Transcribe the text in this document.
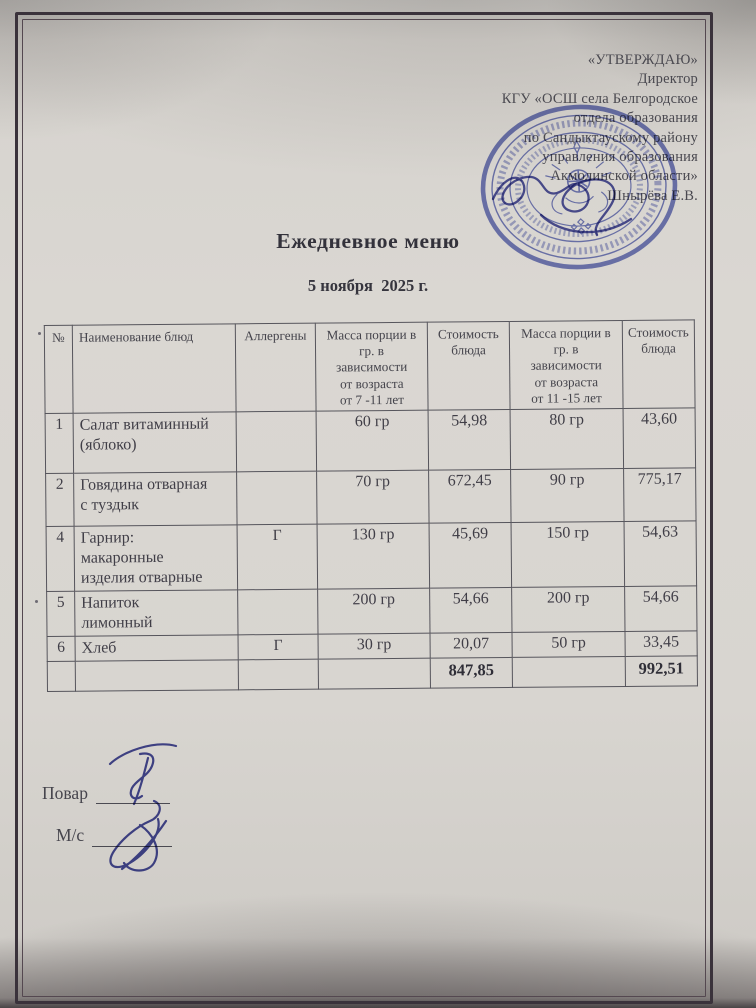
«УТВЕРЖДАЮ»
Директор
КГУ «ОСШ села Белгородское
отдела образования
по Сандыктаускому району
управления образования
Акмолинской области»
Шнырёва Е.В.
Ежедневное меню
5 ноября  2025 г.
№	Наименование блюд	Аллергены	Масса порции в
гр. в
зависимости
от возраста
от 7 -11 лет	Стоимость
блюда	Масса порции в
гр. в
зависимости
от возраста
от 11 -15 лет	Стоимость
блюда
1	Салат витаминный
(яблоко)		60 гр	54,98	80 гр	43,60
2	Говядина отварная
с туздык		70 гр	672,45	90 гр	775,17
4	Гарнир:
макаронные
изделия отварные	Г	130 гр	45,69	150 гр	54,63
5	Напиток
лимонный		200 гр	54,66	200 гр	54,66
6	Хлеб	Г	30 гр	20,07	50 гр	33,45
				847,85		992,51
Повар
М/с
